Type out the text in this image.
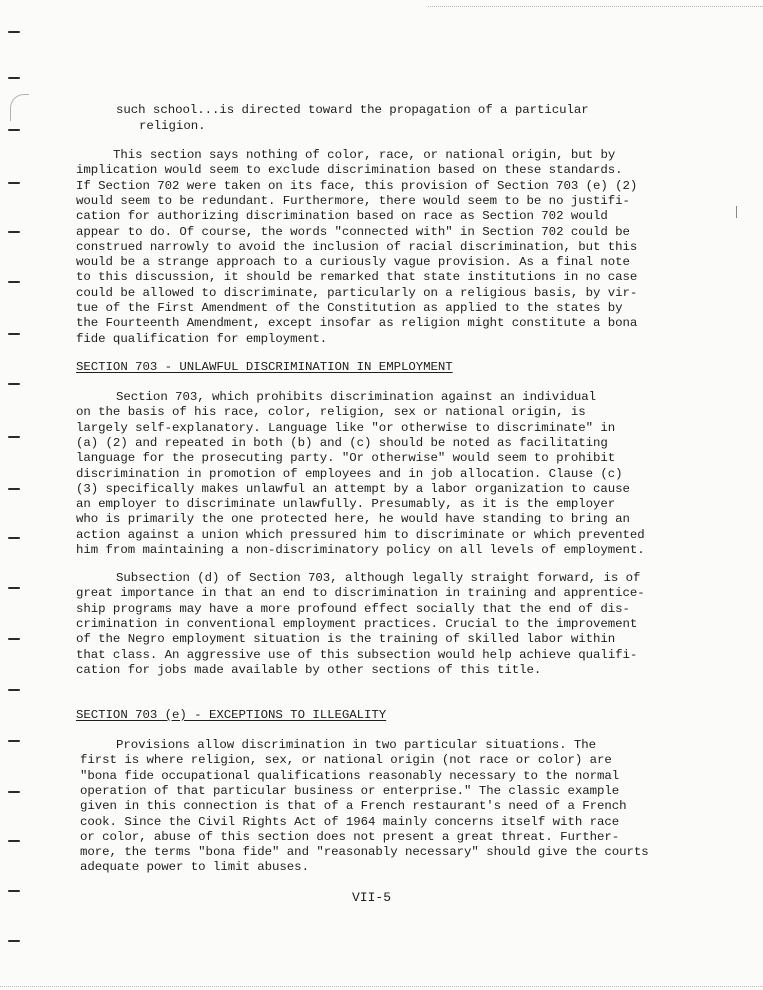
such school...is directed toward the propagation of a particular
religion.
This section says nothing of color, race, or national origin, but by
implication would seem to exclude discrimination based on these standards.
If Section 702 were taken on its face, this provision of Section 703 (e) (2)
would seem to be redundant. Furthermore, there would seem to be no justifi-
cation for authorizing discrimination based on race as Section 702 would
appear to do. Of course, the words "connected with" in Section 702 could be
construed narrowly to avoid the inclusion of racial discrimination, but this
would be a strange approach to a curiously vague provision. As a final note
to this discussion, it should be remarked that state institutions in no case
could be allowed to discriminate, particularly on a religious basis, by vir-
tue of the First Amendment of the Constitution as applied to the states by
the Fourteenth Amendment, except insofar as religion might constitute a bona
fide qualification for employment.
SECTION 703 - UNLAWFUL DISCRIMINATION IN EMPLOYMENT
Section 703, which prohibits discrimination against an individual
on the basis of his race, color, religion, sex or national origin, is
largely self-explanatory. Language like "or otherwise to discriminate" in
(a) (2) and repeated in both (b) and (c) should be noted as facilitating
language for the prosecuting party. "Or otherwise" would seem to prohibit
discrimination in promotion of employees and in job allocation. Clause (c)
(3) specifically makes unlawful an attempt by a labor organization to cause
an employer to discriminate unlawfully. Presumably, as it is the employer
who is primarily the one protected here, he would have standing to bring an
action against a union which pressured him to discriminate or which prevented
him from maintaining a non-discriminatory policy on all levels of employment.
Subsection (d) of Section 703, although legally straight forward, is of
great importance in that an end to discrimination in training and apprentice-
ship programs may have a more profound effect socially that the end of dis-
crimination in conventional employment practices. Crucial to the improvement
of the Negro employment situation is the training of skilled labor within
that class. An aggressive use of this subsection would help achieve qualifi-
cation for jobs made available by other sections of this title.
SECTION 703 (e) - EXCEPTIONS TO ILLEGALITY
Provisions allow discrimination in two particular situations. The
first is where religion, sex, or national origin (not race or color) are
"bona fide occupational qualifications reasonably necessary to the normal
operation of that particular business or enterprise." The classic example
given in this connection is that of a French restaurant's need of a French
cook. Since the Civil Rights Act of 1964 mainly concerns itself with race
or color, abuse of this section does not present a great threat. Further-
more, the terms "bona fide" and "reasonably necessary" should give the courts
adequate power to limit abuses.
VII-5
